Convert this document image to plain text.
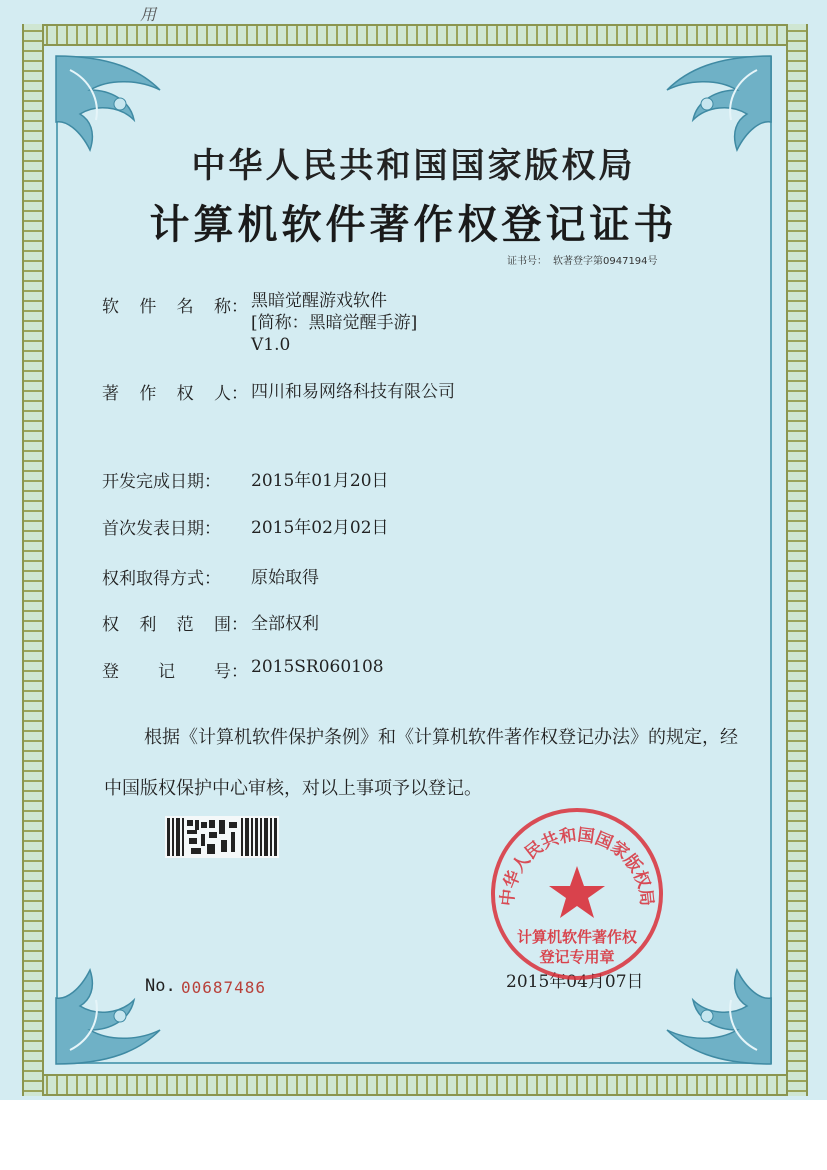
中华人民共和国国家版权局
计算机软件著作权登记证书
证书号： 软著登字第0947194号
软 件 名 称： 黑暗觉醒游戏软件
[简称：黑暗觉醒手游]
V1.0
著 作 权 人： 四川和易网络科技有限公司
开发完成日期：	2015年01月20日
首次发表日期：	2015年02月02日
权利取得方式：	原始取得
权 利 范 围： 全部权利
登 记 号： 2015SR060108
根据《计算机软件保护条例》和《计算机软件著作权登记办法》的规定，经中国版权保护中心审核，对以上事项予以登记。
No. 00687486	2015年04月07日
中华人民共和国国家版权局
计算机软件著作权
登记专用章
用
